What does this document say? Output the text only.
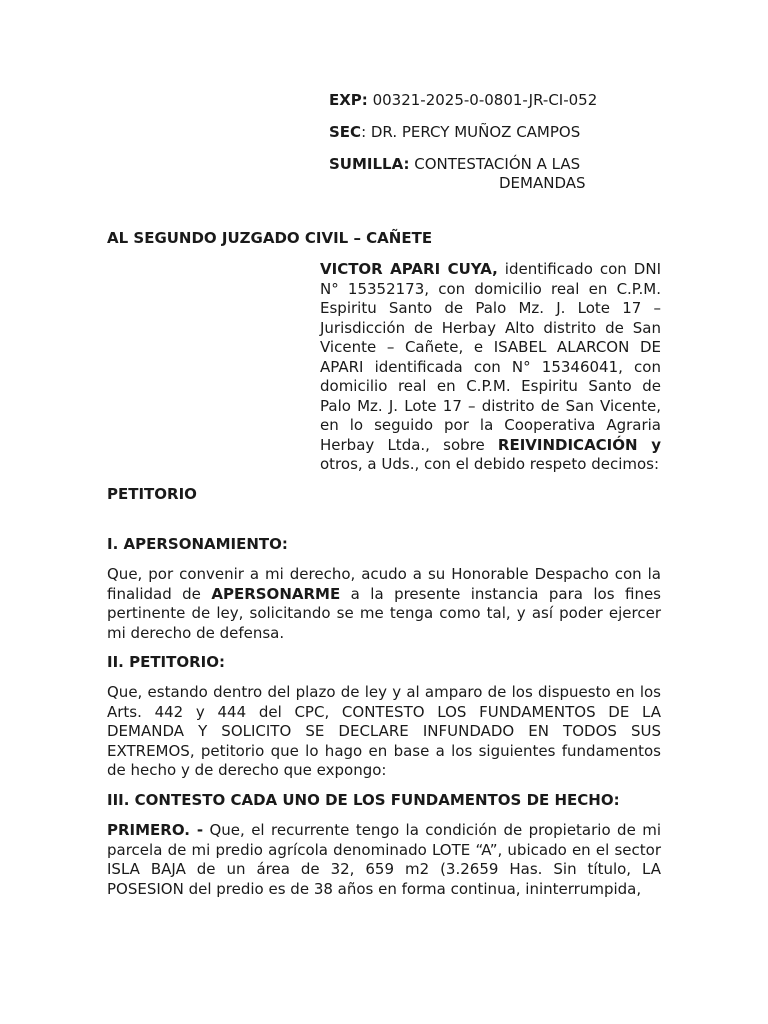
EXP: 00321-2025-0-0801-JR-CI-052
SEC: DR. PERCY MUÑOZ CAMPOS
SUMILLA: CONTESTACIÓN A LAS
DEMANDAS
AL SEGUNDO JUZGADO CIVIL – CAÑETE
VICTOR APARI CUYA, identificado con DNI N° 15352173, con domicilio real en C.P.M. Espiritu Santo de Palo Mz. J. Lote 17 – Jurisdicción de Herbay Alto distrito de San Vicente – Cañete, e ISABEL ALARCON DE APARI identificada con N° 15346041, con domicilio real en C.P.M. Espiritu Santo de Palo Mz. J. Lote 17 – distrito de San Vicente, en lo seguido por la Cooperativa Agraria Herbay Ltda., sobre REIVINDICACIÓN y otros, a Uds., con el debido respeto decimos:
PETITORIO
I. APERSONAMIENTO:
Que, por convenir a mi derecho, acudo a su Honorable Despacho con la finalidad de APERSONARME a la presente instancia para los fines pertinente de ley, solicitando se me tenga como tal, y así poder ejercer mi derecho de defensa.
II. PETITORIO:
Que, estando dentro del plazo de ley y al amparo de los dispuesto en los Arts. 442 y 444 del CPC, CONTESTO LOS FUNDAMENTOS DE LA DEMANDA Y SOLICITO SE DECLARE INFUNDADO EN TODOS SUS EXTREMOS, petitorio que lo hago en base a los siguientes fundamentos de hecho y de derecho que expongo:
III. CONTESTO CADA UNO DE LOS FUNDAMENTOS DE HECHO:
PRIMERO. - Que, el recurrente tengo la condición de propietario de mi parcela de mi predio agrícola denominado LOTE “A”, ubicado en el sector ISLA BAJA de un área de 32, 659 m2 (3.2659 Has. Sin título, LA POSESION del predio es de 38 años en forma continua, ininterrumpida,
